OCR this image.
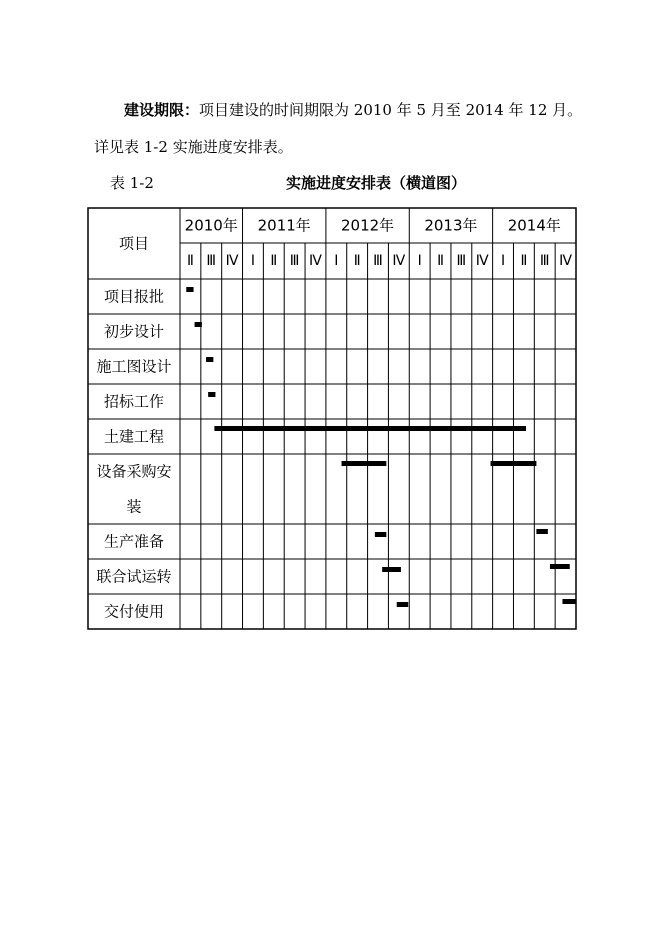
建设期限：项目建设的时间期限为 2010 年 5 月至 2014 年 12 月。
详见表 1-2 实施进度安排表。
表 1-2	实施进度安排表（横道图）
项目
2010年 2011年 2012年 2013年 2014年
Ⅱ Ⅲ Ⅳ Ⅰ Ⅱ Ⅲ Ⅳ Ⅰ Ⅱ Ⅲ Ⅳ Ⅰ Ⅱ Ⅲ Ⅳ Ⅰ Ⅱ Ⅲ Ⅳ
项目报批
初步设计
施工图设计
招标工作
土建工程
设备采购安
装
生产准备
联合试运转
交付使用
